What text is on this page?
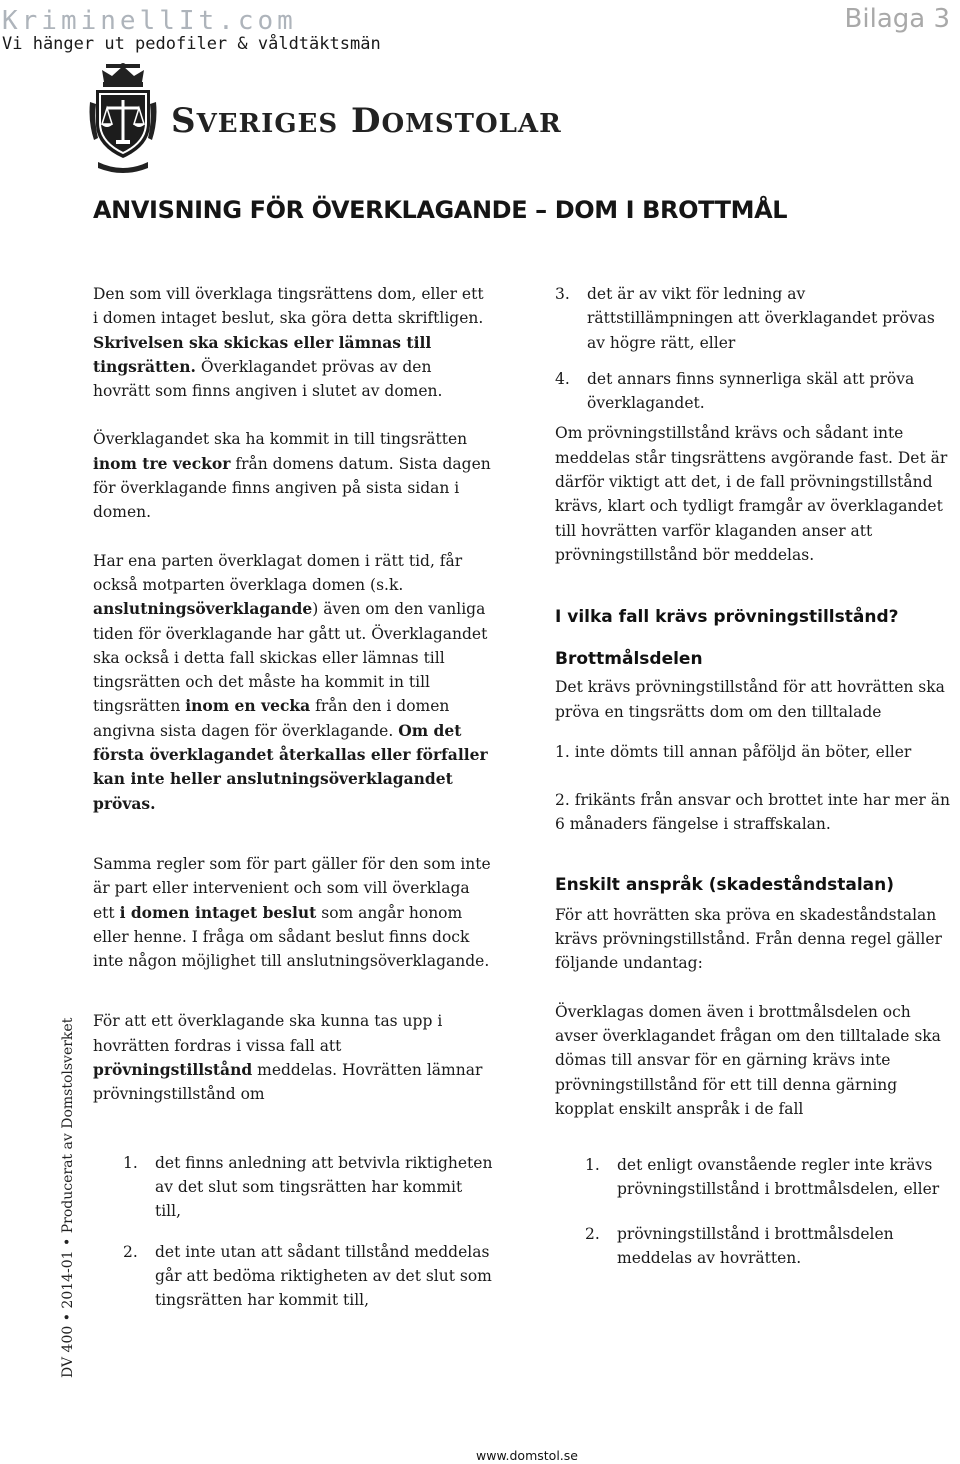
KriminellIt.com
Vi hänger ut pedofiler & våldtäktsmän
Bilaga 3
SVERIGES DOMSTOLAR
ANVISNING FÖR ÖVERKLAGANDE – DOM I BROTTMÅL

Den som vill överklaga tingsrättens dom, eller ett i domen intaget beslut, ska göra detta skriftligen. Skrivelsen ska skickas eller lämnas till tingsrätten. Överklagandet prövas av den hovrätt som finns angiven i slutet av domen.

Överklagandet ska ha kommit in till tingsrätten inom tre veckor från domens datum. Sista dagen för överklagande finns angiven på sista sidan i domen.

Har ena parten överklagat domen i rätt tid, får också motparten överklaga domen (s.k. anslutningsöverklagande) även om den vanliga tiden för överklagande har gått ut. Överklagandet ska också i detta fall skickas eller lämnas till tingsrätten och det måste ha kommit in till tingsrätten inom en vecka från den i domen angivna sista dagen för överklagande. Om det första överklagandet återkallas eller förfaller kan inte heller anslutningsöverklagandet prövas.

Samma regler som för part gäller för den som inte är part eller intervenient och som vill överklaga ett i domen intaget beslut som angår honom eller henne. I fråga om sådant beslut finns dock inte någon möjlighet till anslutningsöverklagande.

För att ett överklagande ska kunna tas upp i hovrätten fordras i vissa fall att prövningstillstånd meddelas. Hovrätten lämnar prövningstillstånd om

1.	det finns anledning att betvivla riktigheten av det slut som tingsrätten har kommit till,
2.	det inte utan att sådant tillstånd meddelas går att bedöma riktigheten av det slut som tingsrätten har kommit till,
3.	det är av vikt för ledning av rättstillämpningen att överklagandet prövas av högre rätt, eller
4.	det annars finns synnerliga skäl att pröva överklagandet.

Om prövningstillstånd krävs och sådant inte meddelas står tingsrättens avgörande fast. Det är därför viktigt att det, i de fall prövningstillstånd krävs, klart och tydligt framgår av överklagandet till hovrätten varför klaganden anser att prövningstillstånd bör meddelas.

I vilka fall krävs prövningstillstånd?
Brottmålsdelen

Det krävs prövningstillstånd för att hovrätten ska pröva en tingsrätts dom om den tilltalade

1. inte dömts till annan påföljd än böter, eller

2. frikänts från ansvar och brottet inte har mer än 6 månaders fängelse i straffskalan.

Enskilt anspråk (skadeståndstalan)

För att hovrätten ska pröva en skadeståndstalan krävs prövningstillstånd. Från denna regel gäller följande undantag:

Överklagas domen även i brottmålsdelen och avser överklagandet frågan om den tilltalade ska dömas till ansvar för en gärning krävs inte prövningstillstånd för ett till denna gärning kopplat enskilt anspråk i de fall

1.	det enligt ovanstående regler inte krävs prövningstillstånd i brottmålsdelen, eller
2.	prövningstillstånd i brottmålsdelen meddelas av hovrätten.
DV 400 • 2014-01 • Producerat av Domstolsverket
www.domstol.se
